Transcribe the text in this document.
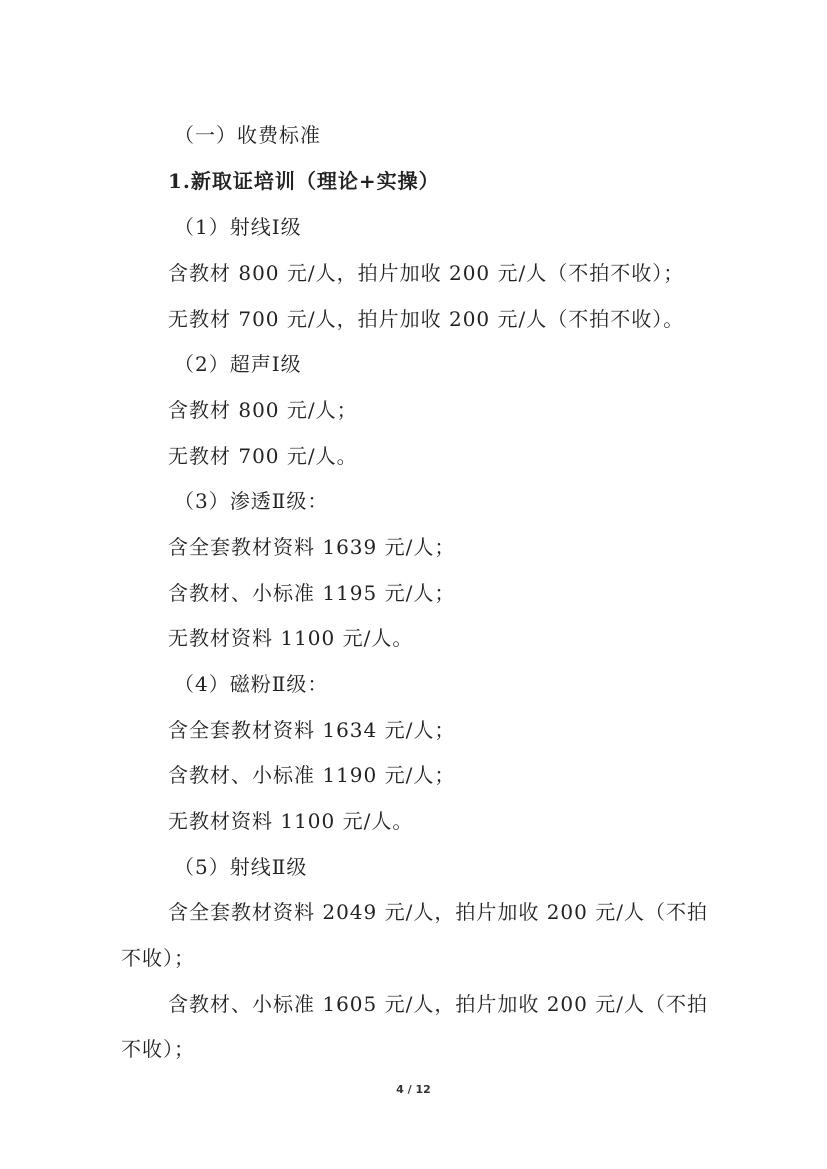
（一）收费标准
1.新取证培训（理论+实操）
（1）射线Ⅰ级
含教材 800 元/人，拍片加收 200 元/人（不拍不收）；
无教材 700 元/人，拍片加收 200 元/人（不拍不收）。
（2）超声Ⅰ级
含教材 800 元/人；
无教材 700 元/人。
（3）渗透Ⅱ级：
含全套教材资料 1639 元/人；
含教材、小标准 1195 元/人；
无教材资料 1100 元/人。
（4）磁粉Ⅱ级：
含全套教材资料 1634 元/人；
含教材、小标准 1190 元/人；
无教材资料 1100 元/人。
（5）射线Ⅱ级
含全套教材资料 2049 元/人，拍片加收 200 元/人（不拍
不收）；
含教材、小标准 1605 元/人，拍片加收 200 元/人（不拍
不收）；
4 / 12
